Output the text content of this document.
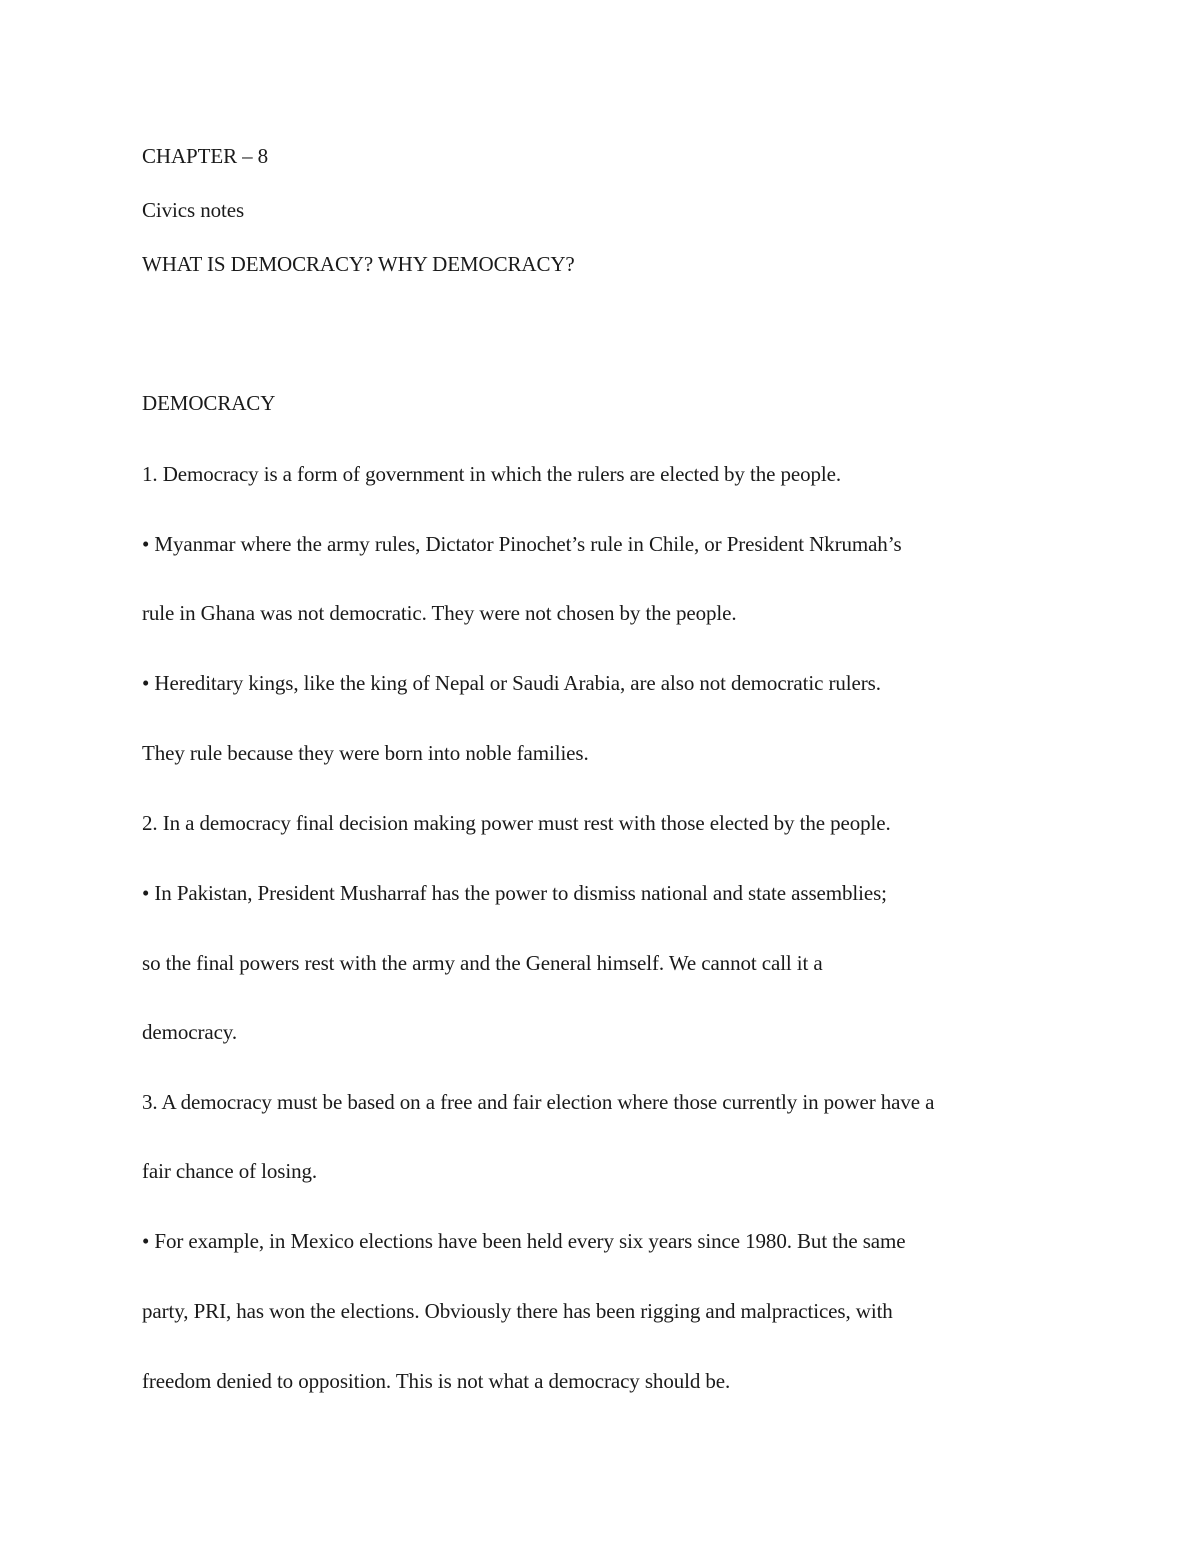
CHAPTER – 8
Civics notes
WHAT IS DEMOCRACY? WHY DEMOCRACY?
DEMOCRACY
1. Democracy is a form of government in which the rulers are elected by the people.
• Myanmar where the army rules, Dictator Pinochet’s rule in Chile, or President Nkrumah’s
rule in Ghana was not democratic. They were not chosen by the people.
• Hereditary kings, like the king of Nepal or Saudi Arabia, are also not democratic rulers.
They rule because they were born into noble families.
2. In a democracy final decision making power must rest with those elected by the people.
• In Pakistan, President Musharraf has the power to dismiss national and state assemblies;
so the final powers rest with the army and the General himself. We cannot call it a
democracy.
3. A democracy must be based on a free and fair election where those currently in power have a
fair chance of losing.
• For example, in Mexico elections have been held every six years since 1980. But the same
party, PRI, has won the elections. Obviously there has been rigging and malpractices, with
freedom denied to opposition. This is not what a democracy should be.
